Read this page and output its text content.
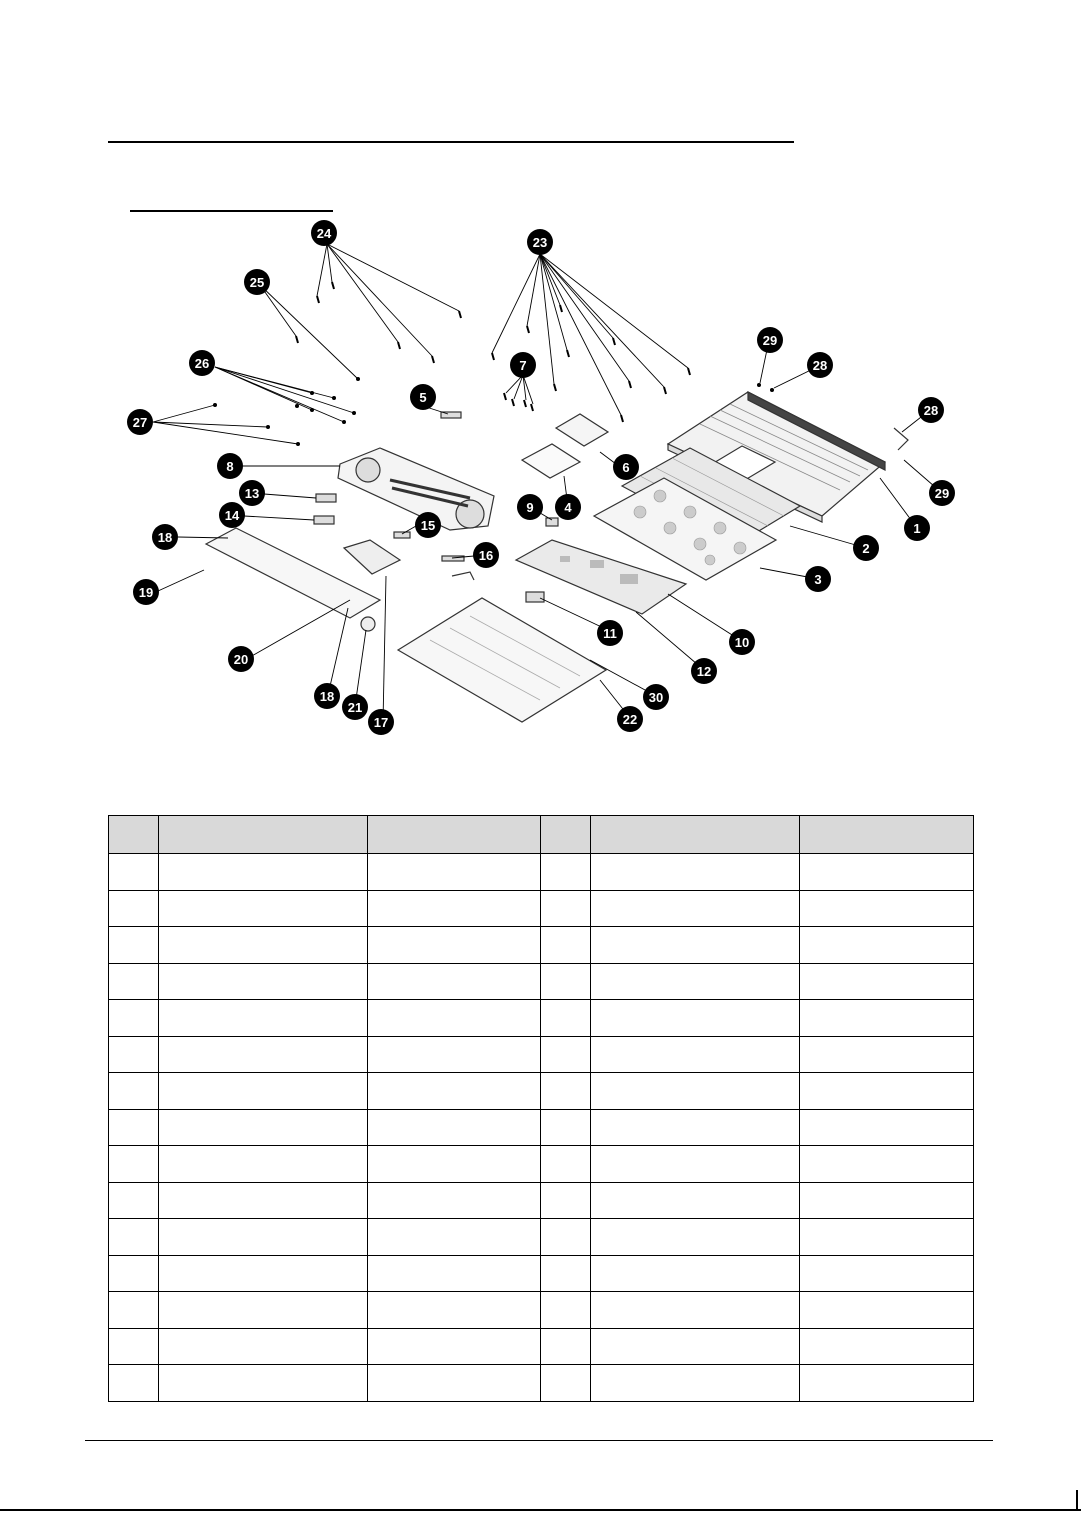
1
2
3
4
5
6
7
8
9
10
11
12
13
14
15
16
17
18
18
19
20
21
22
23
24
25
26
27
28
28
29
29
30
